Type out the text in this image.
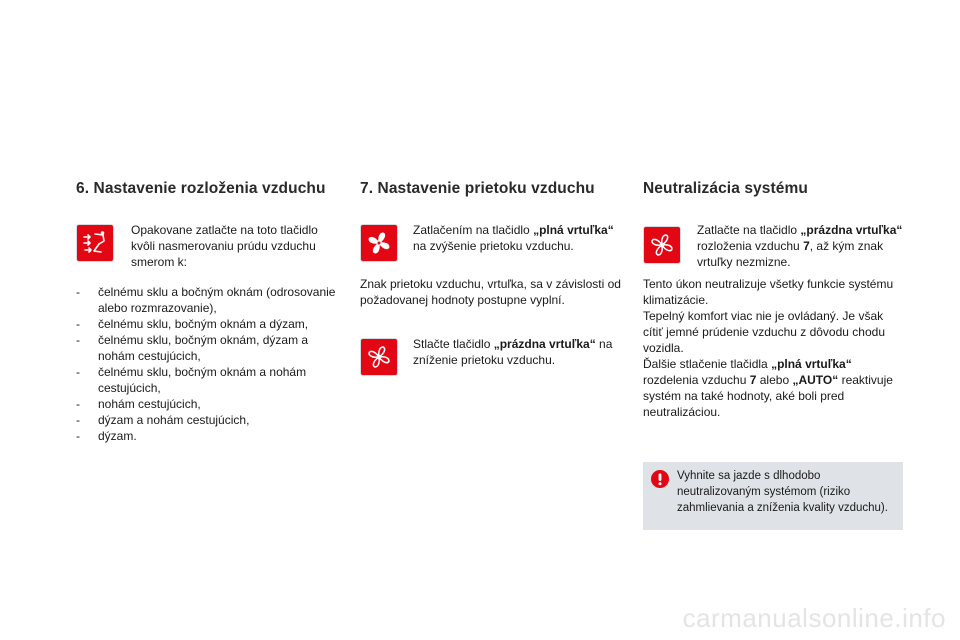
6. Nastavenie rozloženia vzduchu

Opakovane zatlačte na toto tlačidlo kvôli nasmerovaniu prúdu vzduchu smerom k:

- čelnému sklu a bočným oknám (odrosovanie alebo rozmrazovanie),
- čelnému sklu, bočným oknám a dýzam,
- čelnému sklu, bočným oknám, dýzam a nohám cestujúcich,
- čelnému sklu, bočným oknám a nohám cestujúcich,
- nohám cestujúcich,
- dýzam a nohám cestujúcich,
- dýzam.
7. Nastavenie prietoku vzduchu

Zatlačením na tlačidlo „plná vrtuľka“ na zvýšenie prietoku vzduchu.

Znak prietoku vzduchu, vrtuľka, sa v závislosti od požadovanej hodnoty postupne vyplní.

Stlačte tlačidlo „prázdna vrtuľka“ na zníženie prietoku vzduchu.

Neutralizácia systému

Zatlačte na tlačidlo „prázdna vrtuľka“ rozloženia vzduchu 7, až kým znak vrtuľky nezmizne.

Tento úkon neutralizuje všetky funkcie systému klimatizácie.
Tepelný komfort viac nie je ovládaný. Je však cítiť jemné prúdenie vzduchu z dôvodu chodu vozidla.
Ďalšie stlačenie tlačidla „plná vrtuľka“ rozdelenia vzduchu 7 alebo „AUTO“ reaktivuje systém na také hodnoty, aké boli pred neutralizáciou.

Vyhnite sa jazde s dlhodobo neutralizovaným systémom (riziko zahmlievania a zníženia kvality vzduchu).
carmanualsonline.info
